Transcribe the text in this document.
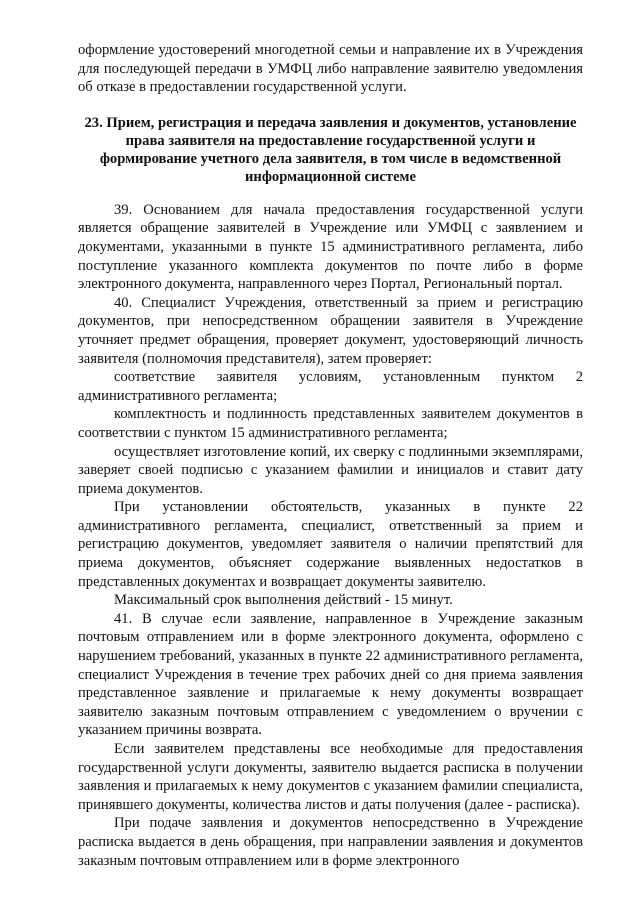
оформление удостоверений многодетной семьи и направление их в Учреждения для последующей передачи в УМФЦ либо направление заявителю уведомления об отказе в предоставлении государственной услуги.

23. Прием, регистрация и передача заявления и документов, установление права заявителя на предоставление государственной услуги и формирование учетного дела заявителя, в том числе в ведомственной информационной системе

39. Основанием для начала предоставления государственной услуги является обращение заявителей в Учреждение или УМФЦ с заявлением и документами, указанными в пункте 15 административного регламента, либо поступление указанного комплекта документов по почте либо в форме электронного документа, направленного через Портал, Региональный портал.

40. Специалист Учреждения, ответственный за прием и регистрацию документов, при непосредственном обращении заявителя в Учреждение уточняет предмет обращения, проверяет документ, удостоверяющий личность заявителя (полномочия представителя), затем проверяет:

соответствие заявителя условиям, установленным пунктом 2 административного регламента;

комплектность и подлинность представленных заявителем документов в соответствии с пунктом 15 административного регламента;

осуществляет изготовление копий, их сверку с подлинными экземплярами, заверяет своей подписью с указанием фамилии и инициалов и ставит дату приема документов.

При установлении обстоятельств, указанных в пункте 22 административного регламента, специалист, ответственный за прием и регистрацию документов, уведомляет заявителя о наличии препятствий для приема документов, объясняет содержание выявленных недостатков в представленных документах и возвращает документы заявителю.

Максимальный срок выполнения действий - 15 минут.

41. В случае если заявление, направленное в Учреждение заказным почтовым отправлением или в форме электронного документа, оформлено с нарушением требований, указанных в пункте 22 административного регламента, специалист Учреждения в течение трех рабочих дней со дня приема заявления представленное заявление и прилагаемые к нему документы возвращает заявителю заказным почтовым отправлением с уведомлением о вручении с указанием причины возврата.

Если заявителем представлены все необходимые для предоставления государственной услуги документы, заявителю выдается расписка в получении заявления и прилагаемых к нему документов с указанием фамилии специалиста, принявшего документы, количества листов и даты получения (далее - расписка).

При подаче заявления и документов непосредственно в Учреждение расписка выдается в день обращения, при направлении заявления и документов заказным почтовым отправлением или в форме электронного
